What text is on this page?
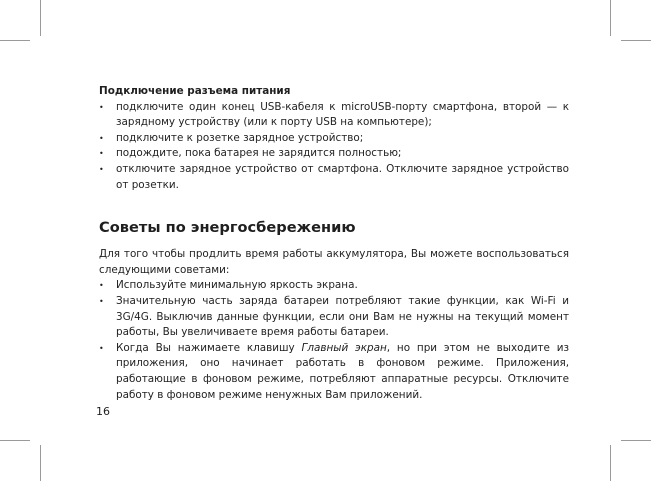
Подключение разъема питания

• подключите один конец USB-кабеля к microUSB-порту смартфона, второй — к зарядному устройству (или к порту USB на компьютере);
• подключите к розетке зарядное устройство;
• подождите, пока батарея не зарядится полностью;
• отключите зарядное устройство от смартфона. Отключите зарядное устройство от розетки.
Советы по энергосбережению

Для того чтобы продлить время работы аккумулятора, Вы можете воспользоваться следующими советами:

• Используйте минимальную яркость экрана.
• Значительную часть заряда батареи потребляют такие функции, как Wi-Fi и 3G/4G. Выключив данные функции, если они Вам не нужны на текущий момент работы, Вы увеличиваете время работы батареи.
• Когда Вы нажимаете клавишу Главный экран, но при этом не выходите из приложения, оно начинает работать в фоновом режиме. Приложения, работающие в фоновом режиме, потребляют аппаратные ресурсы. Отключите работу в фоновом режиме ненужных Вам приложений.
16
